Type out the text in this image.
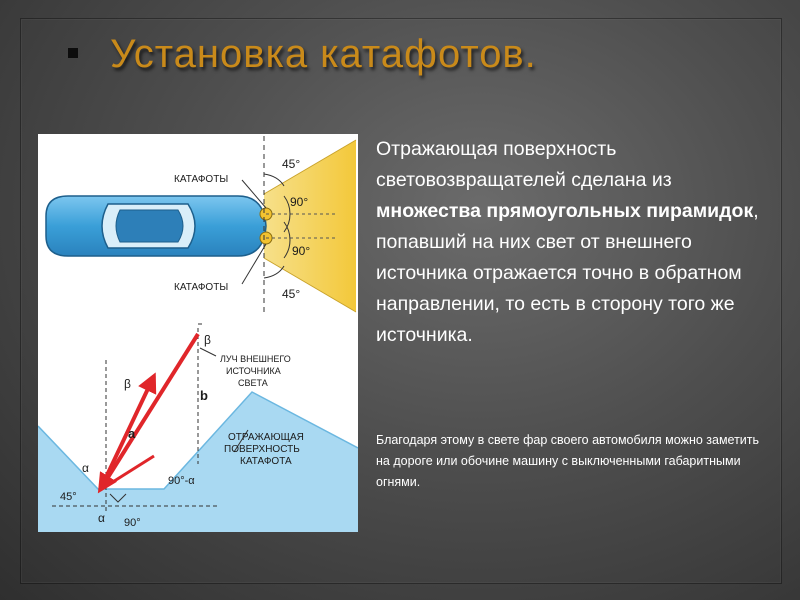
Установка катафотов.
КАТАФОТЫ
КАТАФОТЫ
45°
90°
90°
45°
β
β
ЛУЧ ВНЕШНЕГО
ИСТОЧНИКА
СВЕТА
a
b
ОТРАЖАЮЩАЯ
ПОВЕРХНОСТЬ
КАТАФОТА
α
90°-α
45°
α 90°
Отражающая поверхность световозвращателей сделана из множества прямоугольных пирамидок, попавший на них свет от внешнего источника отражается точно в обратном направлении, то есть в сторону того же источника.
Благодаря этому в свете фар своего автомобиля можно заметить на дороге или обочине машину с выключенными габаритными огнями.
